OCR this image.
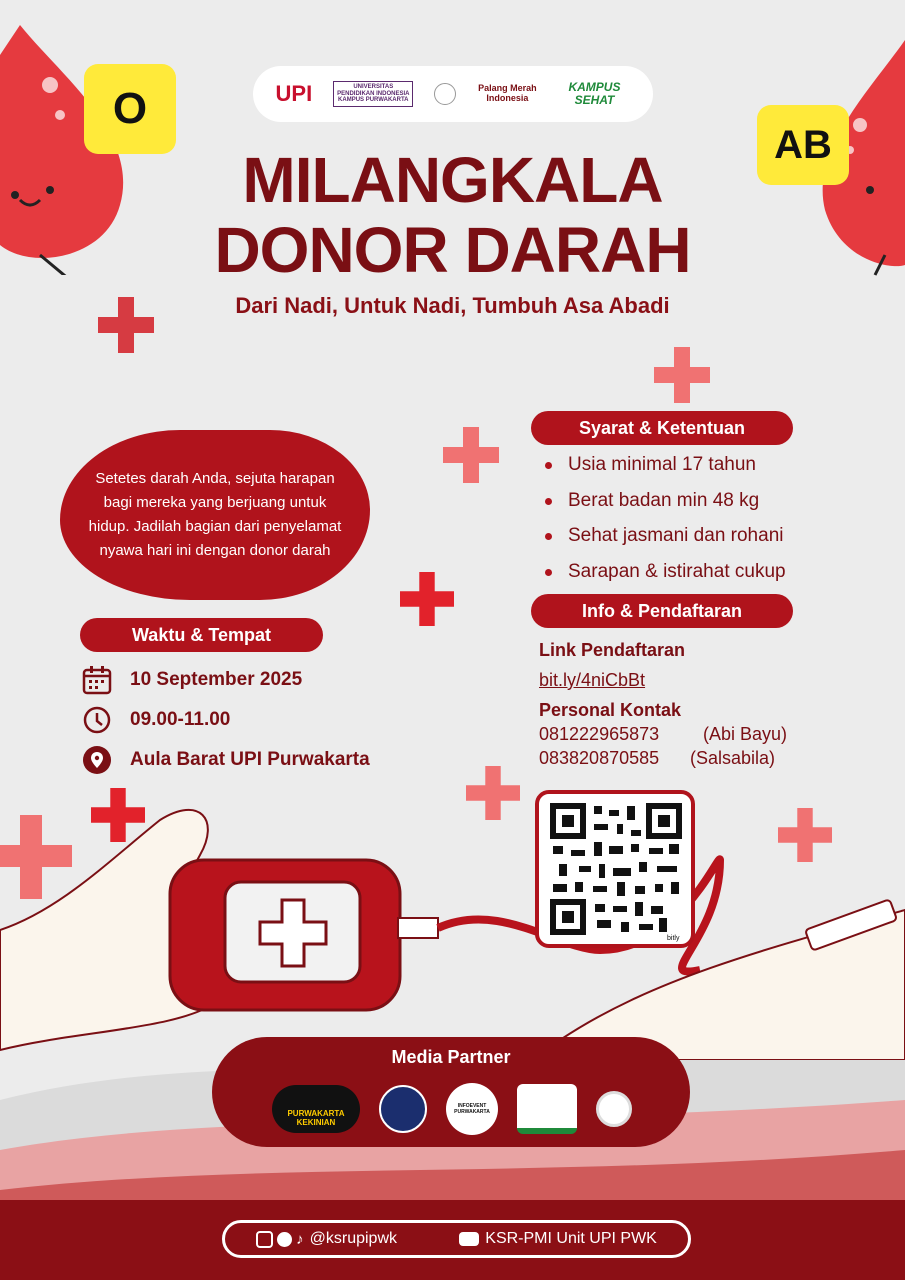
O
AB
UPI	UNIVERSITAS PENDIDIKAN INDONESIA KAMPUS PURWAKARTA
Palang Merah Indonesia
KAMPUS SEHAT
MILANGKALA
DONOR DARAH
Dari Nadi, Untuk Nadi, Tumbuh Asa Abadi
Setetes darah Anda, sejuta harapan bagi mereka yang berjuang untuk hidup. Jadilah bagian dari penyelamat nyawa hari ini dengan donor darah
Waktu & Tempat
10 September 2025
09.00-11.00
Aula Barat UPI Purwakarta
Syarat & Ketentuan
Usia minimal 17 tahun
Berat badan min 48 kg
Sehat jasmani dan rohani
Sarapan & istirahat cukup
Info & Pendaftaran
Link Pendaftaran
bit.ly/4niCbBt
Personal Kontak
081222965873 (Abi Bayu)
083820870585 (Salsabila)
bitly
Media Partner
PURWAKARTA KEKINIAN
INFOEVENT PURWAKARTA
♪ @ksrupipwk	KSR-PMI Unit UPI PWK
